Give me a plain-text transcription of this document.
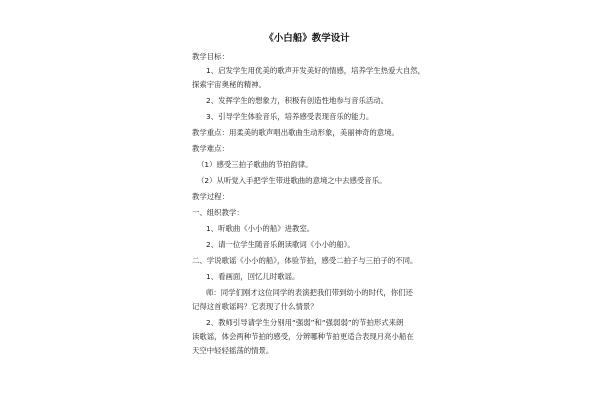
《小白船》教学设计
教学目标：
1、启发学生用优美的歌声开发美好的情感，培养学生热爱大自然，
探索宇宙奥秘的精神。
2、发挥学生的想象力，积极有创造性地参与音乐活动。
3、引导学生体验音乐，培养感受表现音乐的能力。
教学重点：用柔美的歌声唱出歌曲生动形象，美丽神奇的意境。
教学难点：
（1）感受三拍子歌曲的节拍韵律。
（2）从听觉入手把学生带进歌曲的意境之中去感受音乐。
教学过程：
一、组织教学：
1、听歌曲《小小的船》进教室。
2、请一位学生随音乐朗读歌词《小小的船》。
二、学说歌谣《小小的船》，体验节拍，感受二拍子与三拍子的不同。
1、看画面，回忆儿时歌谣。
师：同学们刚才这位同学的表演把我们带到幼小的时代，你们还
记得这首歌谣吗？它表现了什么情景？
2、教师引导请学生分别用“强弱”和“强弱弱”的节拍形式来朗
读歌谣，体会两种节拍的感受，分辨哪种节拍更适合表现月亮小船在
天空中轻轻摇荡的情景。
